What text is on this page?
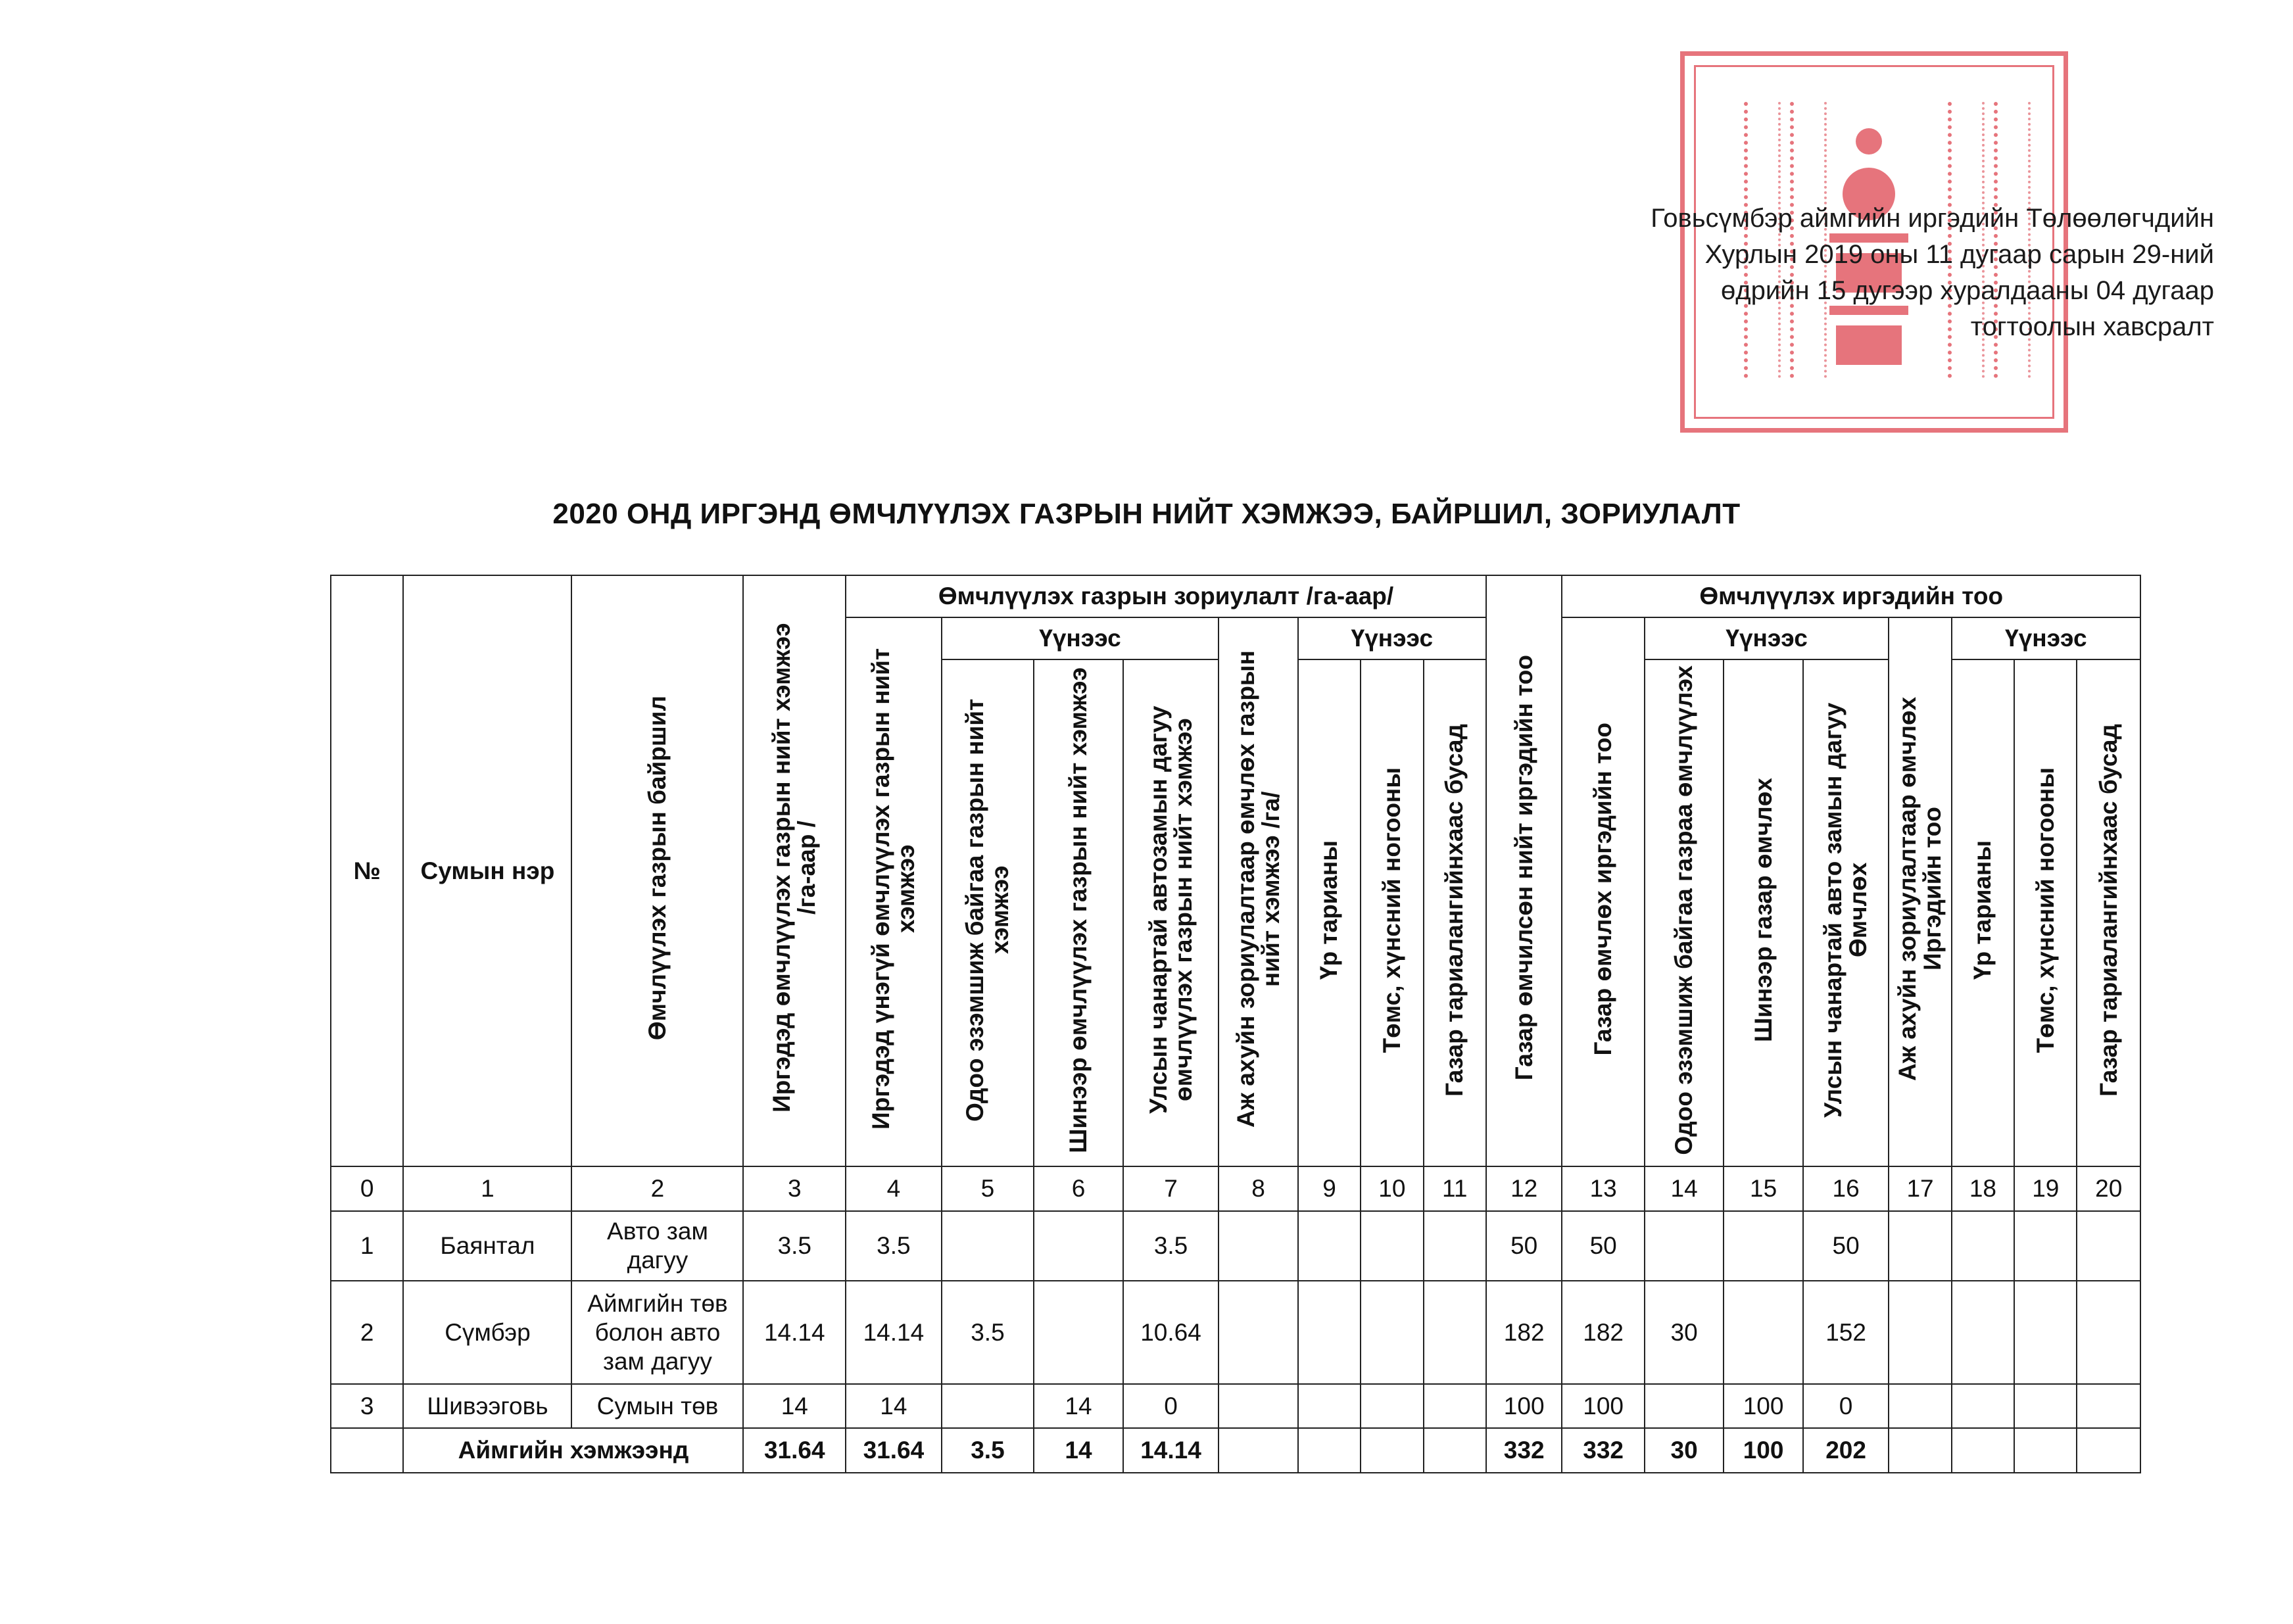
Говьсүмбэр аймгийн иргэдийн Төлөөлөгчдийн
Хурлын 2019 оны 11 дугаар сарын 29-ний
өдрийн 15 дугээр хуралдааны 04 дугаар
тогтоолын хавсралт
2020 ОНД ИРГЭНД ӨМЧЛҮҮЛЭХ ГАЗРЫН НИЙТ ХЭМЖЭЭ, БАЙРШИЛ, ЗОРИУЛАЛТ
№	Сумын нэр	Өмчлүүлэх газрын байршил	Иргэдэд өмчлүүлэх газрын нийт хэмжээ /га-аар /	Өмчлүүлэх газрын зориулалт /га-аар/								Газар өмчилсөн нийт иргэдийн тоо	Өмчлүүлэх иргэдийн тоо							
				Иргэдэд үнэгүй өмчлүүлэх газрын нийт хэмжээ	Үүнээс			Аж ахуйн зориулалтаар өмчлөх газрын нийт хэмжээ /га/	Үүнээс				Газар өмчлөх иргэдийн тоо	Үүнээс			Аж ахуйн зориулалтаар өмчлөх Иргэдийн тоо	Үүнээс		
					Одоо эзэмшиж байгаа газрын нийт хэмжээ	Шинээр өмчлүүлэх газрын нийт хэмжээ	Улсын чанартай автозамын дагуу өмчлүүлэх газрын нийт хэмжээ		Үр тарианы	Төмс, хүнсний ногооны	Газар тариалангийнхаас бусад			Одоо эзэмшиж байгаа газраа өмчлүүлэх	Шинээр газар өмчлөх	Улсын чанартай авто замын дагуу Өмчлөх		Үр тарианы	Төмс, хүнсний ногооны	Газар тариалангийнхаас бусад
0	1	2	3	4	5	6	7	8	9	10	11	12	13	14	15	16	17	18	19	20
1	Баянтал	Авто зам дагуу	3.5	3.5			3.5					50	50			50				
2	Сүмбэр	Аймгийн төв болон авто зам дагуу	14.14	14.14	3.5		10.64					182	182	30		152				
3	Шивээговь	Сумын төв	14	14		14	0					100	100		100	0				
	Аймгийн хэмжээнд		31.64	31.64	3.5	14	14.14					332	332	30	100	202				
